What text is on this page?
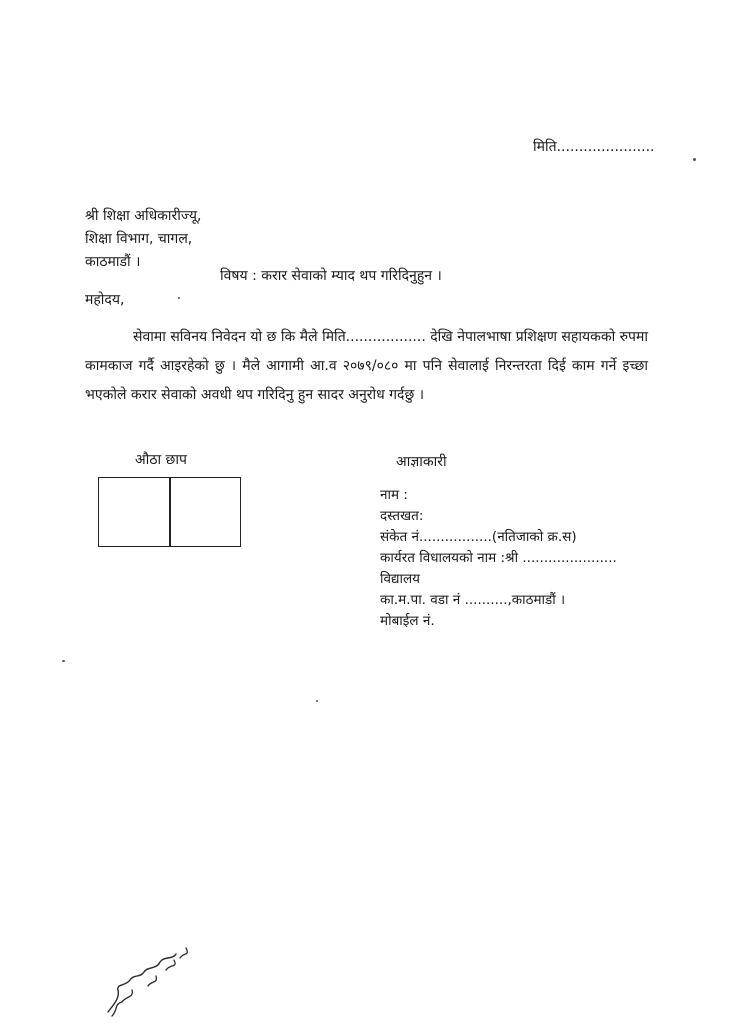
मिति......................
श्री शिक्षा अधिकारीज्यू,
शिक्षा विभाग, चागल,
काठमाडौं ।
विषय : करार सेवाको म्याद थप गरिदिनुहुन ।
महोदय,
सेवामा सविनय निवेदन यो छ कि मैले मिति.................. देखि नेपालभाषा प्रशिक्षण सहायकको रुपमा कामकाज गर्दै आइरहेको छु । मैले आगामी आ.व २०७९/०८० मा पनि सेवालाई निरन्तरता दिई काम गर्ने इच्छा भएकोले करार सेवाको अवधी थप गरिदिनु हुन सादर अनुरोध गर्दछु ।
औठा छाप	आज्ञाकारी
नाम :
दस्तखत:
संकेत नं.................(नतिजाको क्र.स)
कार्यरत विधालयको नाम :श्री ......................
विद्यालय
का.म.पा. वडा नं ..........,काठमाडौं ।
मोबाईल नं.
